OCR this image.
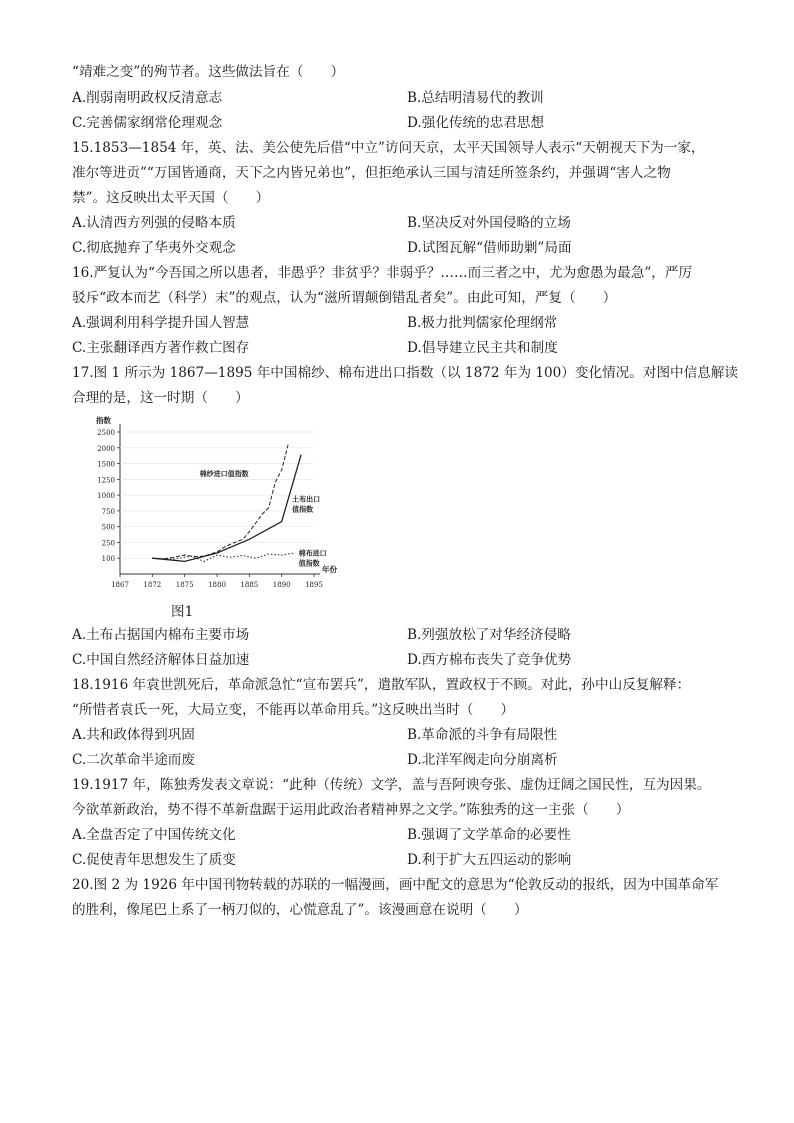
“靖难之变”的殉节者。这些做法旨在（　　）
A.削弱南明政权反清意志	B.总结明清易代的教训
C.完善儒家纲常伦理观念	D.强化传统的忠君思想
15.1853—1854 年，英、法、美公使先后借“中立”访问天京，太平天国领导人表示“天朝视天下为一家，
准尔等进贡”“万国皆通商，天下之内皆兄弟也”，但拒绝承认三国与清廷所签条约，并强调“害人之物
禁”。这反映出太平天国（　　）
A.认清西方列强的侵略本质	B.坚决反对外国侵略的立场
C.彻底抛弃了华夷外交观念	D.试图瓦解“借师助剿”局面
16.严复认为“今吾国之所以患者，非愚乎？非贫乎？非弱乎？……而三者之中，尤为愈愚为最急”，严厉
驳斥“政本而艺（科学）末”的观点，认为“滋所谓颠倒错乱者矣”。由此可知，严复（　　）
A.强调利用科学提升国人智慧	B.极力批判儒家伦理纲常
C.主张翻译西方著作救亡图存	D.倡导建立民主共和制度
17.图 1 所示为 1867—1895 年中国棉纱、棉布进出口指数（以 1872 年为 100）变化情况。对图中信息解读
合理的是，这一时期（　　）
100
250
500
750
1000
1250
1500
2000
2500
1867 1872 1875 1880 1885 1890 1895
指数
年份
棉纱进口值指数
土布出口
值指数
棉布进口
值指数
图1
A.土布占据国内棉布主要市场	B.列强放松了对华经济侵略
C.中国自然经济解体日益加速	D.西方棉布丧失了竞争优势
18.1916 年袁世凯死后，革命派急忙“宣布罢兵”，遣散军队，置政权于不顾。对此，孙中山反复解释：
“所惜者袁氏一死，大局立变，不能再以革命用兵。”这反映出当时（　　）
A.共和政体得到巩固	B.革命派的斗争有局限性
C.二次革命半途而废	D.北洋军阀走向分崩离析
19.1917 年，陈独秀发表文章说：“此种（传统）文学，盖与吾阿谀夸张、虚伪迂阔之国民性，互为因果。
今欲革新政治，势不得不革新盘踞于运用此政治者精神界之文学。”陈独秀的这一主张（　　）
A.全盘否定了中国传统文化	B.强调了文学革命的必要性
C.促使青年思想发生了质变	D.利于扩大五四运动的影响
20.图 2 为 1926 年中国刊物转载的苏联的一幅漫画，画中配文的意思为“伦敦反动的报纸，因为中国革命军
的胜利，像尾巴上系了一柄刀似的，心慌意乱了”。该漫画意在说明（　　）
